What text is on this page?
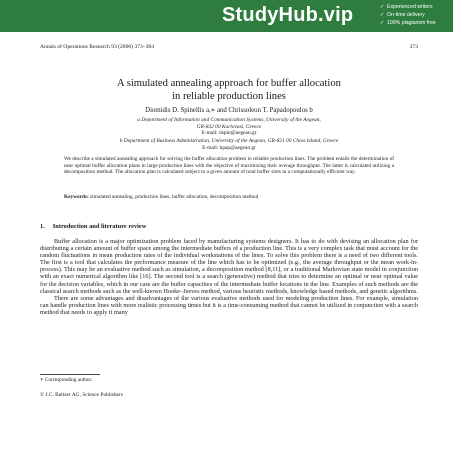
StudyHub.vip	✓ Experienced writers
✓ On-time delivery
✓ 100% plagiarism free
Annals of Operations Research 93 (2000) 373–384	373
A simulated annealing approach for buffer allocation
in reliable production lines
Diomidis D. Spinellis a,∗ and Chrissoleon T. Papadopoulos b
a Department of Information and Communication Systems, University of the Aegean,
GR-832 00 Karlovasi, Greece
E-mail: dspin@aegean.gr
b Department of Business Administration, University of the Aegean, GR-821 00 Chios Island, Greece
E-mail: hpap@aegean.gr
We describe a simulated annealing approach for solving the buffer allocation problem in reliable production lines. The problem entails the determination of near optimal buffer allocation plans in large production lines with the objective of maximizing their average throughput. The latter is calculated utilizing a decomposition method. The allocation plan is calculated subject to a given amount of total buffer slots in a computationally efficient way.
Keywords: simulated annealing, production lines, buffer allocation, decomposition method
1. Introduction and literature review

Buffer allocation is a major optimization problem faced by manufacturing systems designers. It has to do with devising an allocation plan for distributing a certain amount of buffer space among the intermediate buffers of a production line. This is a very complex task that must account for the random fluctuations in mean production rates of the individual workstations of the lines. To solve this problem there is a need of two different tools. The first is a tool that calculates the performance measure of the line which has to be optimized (e.g., the average throughput or the mean work-in-process). This may be an evaluative method such as simulation, a decomposition method [8,11], or a traditional Markovian state model in conjunction with an exact numerical algorithm like [16]. The second tool is a search (generative) method that tries to determine an optimal or near optimal value for the decision variables, which in our case are the buffer capacities of the intermediate buffer locations in the line. Examples of such methods are the classical search methods such as the well-known Hooke–Jeeves method, various heuristic methods, knowledge based methods, and genetic algorithms.

There are some advantages and disadvantages of the various evaluative methods used for modeling production lines. For example, simulation can handle production lines with more realistic processing times but it is a time-consuming method that cannot be utilized in conjunction with a search method that needs to apply it many

∗ Corresponding author.
© J.C. Baltzer AG, Science Publishers
